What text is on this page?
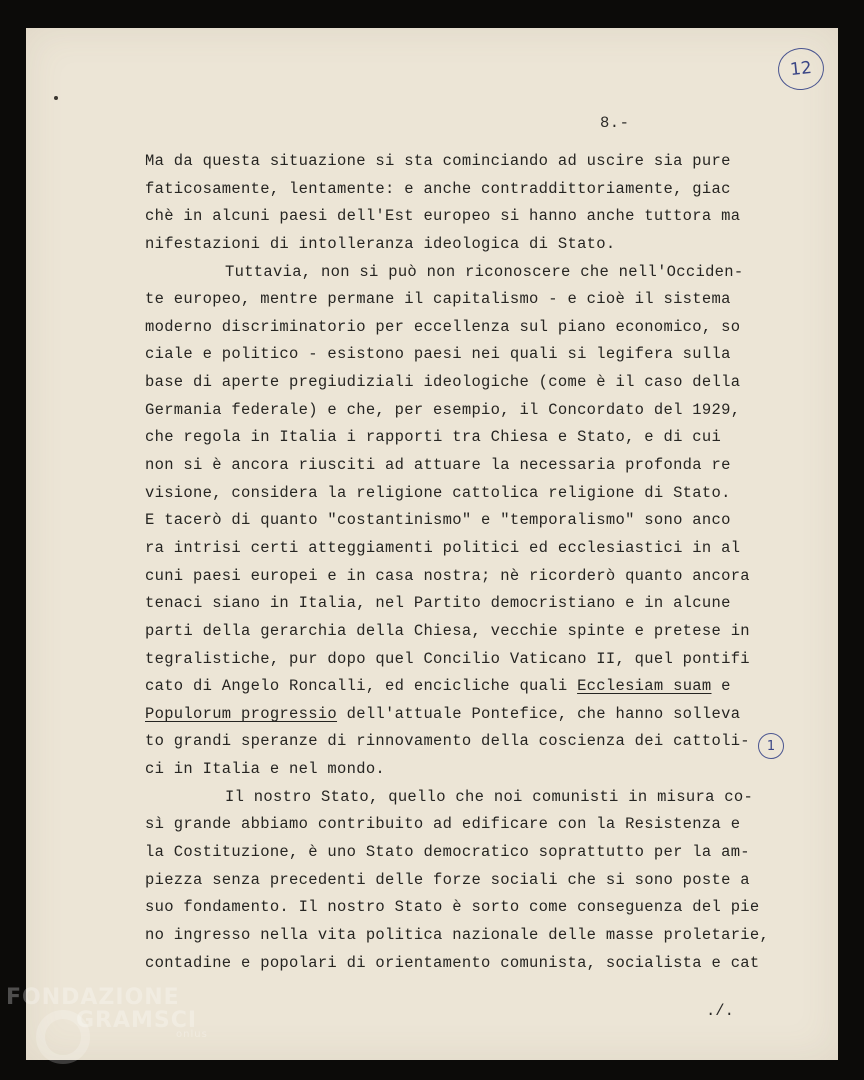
12
8.-
Ma da questa situazione si sta cominciando ad uscire sia pure
faticosamente, lentamente: e anche contraddittoriamente, giac
chè in alcuni paesi dell'Est europeo si hanno anche tuttora ma
nifestazioni di intolleranza ideologica di Stato.
Tuttavia, non si può non riconoscere che nell'Occiden-
te europeo, mentre permane il capitalismo - e cioè il sistema
moderno discriminatorio per eccellenza sul piano economico, so
ciale e politico - esistono paesi nei quali si legifera sulla
base di aperte pregiudiziali ideologiche (come è il caso della
Germania federale) e che, per esempio, il Concordato del 1929,
che regola in Italia i rapporti tra Chiesa e Stato, e di cui
non si è ancora riusciti ad attuare la necessaria profonda re
visione, considera la religione cattolica religione di Stato.
E tacerò di quanto "costantinismo" e "temporalismo" sono anco
ra intrisi certi atteggiamenti politici ed ecclesiastici in al
cuni paesi europei e in casa nostra; nè ricorderò quanto ancora
tenaci siano in Italia, nel Partito democristiano e in alcune
parti della gerarchia della Chiesa, vecchie spinte e pretese in
tegralistiche, pur dopo quel Concilio Vaticano II, quel pontifi
cato di Angelo Roncalli, ed encicliche quali Ecclesiam suam e
Populorum progressio dell'attuale Pontefice, che hanno solleva
to grandi speranze di rinnovamento della coscienza dei cattoli-
ci in Italia e nel mondo.
Il nostro Stato, quello che noi comunisti in misura co-
sì grande abbiamo contribuito ad edificare con la Resistenza e
la Costituzione, è uno Stato democratico soprattutto per la am-
piezza senza precedenti delle forze sociali che si sono poste a
suo fondamento. Il nostro Stato è sorto come conseguenza del pie
no ingresso nella vita politica nazionale delle masse proletarie,
contadine e popolari di orientamento comunista, socialista e cat
1
./.
FONDAZIONE
GRAMSCI
onlus
